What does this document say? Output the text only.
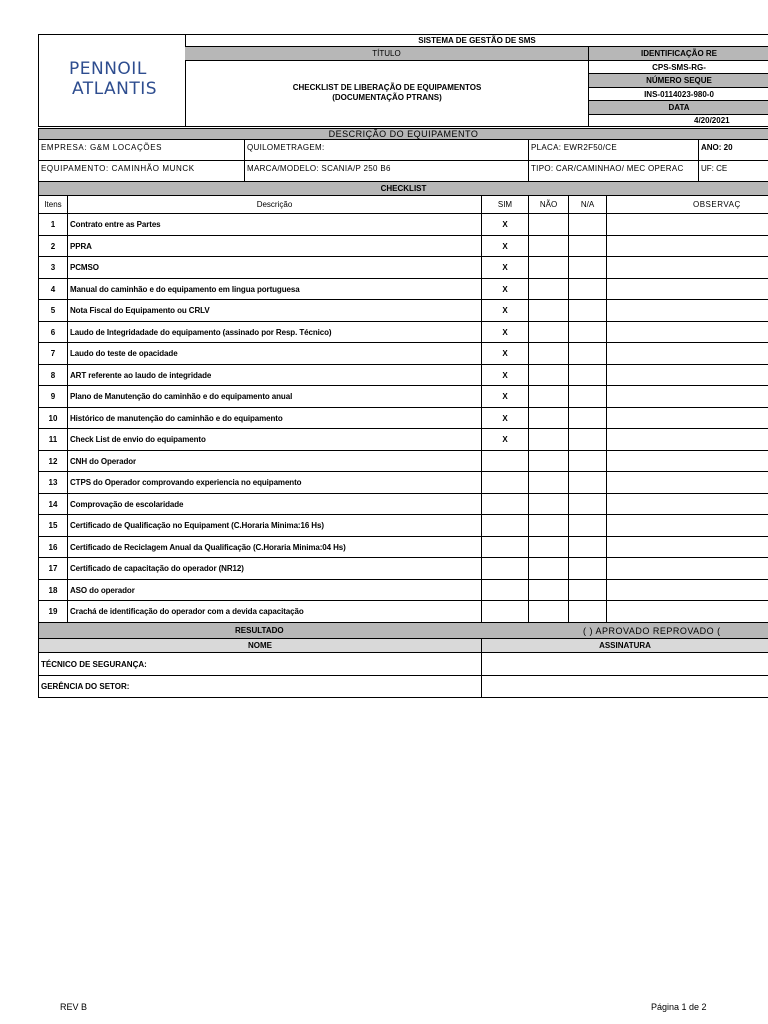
PENNOIL
ATLANTIS
SISTEMA DE GESTÃO DE SMS
TÍTULO
CHECKLIST DE LIBERAÇÃO DE EQUIPAMENTOS
(DOCUMENTAÇÃO PTRANS)
IDENTIFICAÇÃO RE
CPS-SMS-RG-
NÚMERO SEQUE
INS-0114023-980-0
DATA
4/20/2021
DESCRIÇÃO DO EQUIPAMENTO
EMPRESA: G&M LOCAÇÕES	QUILOMETRAGEM:	PLACA: EWR2F50/CE	ANO: 20
EQUIPAMENTO: CAMINHÃO MUNCK	MARCA/MODELO: SCANIA/P 250 B6	TIPO: CAR/CAMINHAO/ MEC OPERAC	UF: CE
CHECKLIST
Itens	Descrição	SIM	NÃO	N/A	OBSERVAÇ
1	Contrato entre as Partes	X
2	PPRA	X
3	PCMSO	X
4	Manual do caminhão e do equipamento em lingua portuguesa	X
5	Nota Fiscal do Equipamento ou CRLV	X
6	Laudo de Integridadade do equipamento (assinado por Resp. Técnico)	X
7	Laudo do teste de opacidade	X
8	ART referente ao laudo de integridade	X
9	Plano de Manutenção do caminhão e do equipamento anual	X
10	Histórico de manutenção do caminhão e do equipamento	X
11	Check List de envio do equipamento	X
12	CNH do Operador
13	CTPS do Operador comprovando experiencia no equipamento
14	Comprovação de escolaridade
15	Certificado de Qualificação no Equipament (C.Horaria Minima:16 Hs)
16	Certificado de Reciclagem Anual da Qualificação (C.Horaria Minima:04 Hs)
17	Certificado de capacitação do operador (NR12)
18	ASO do operador
19	Crachá de identificação do operador com a devida capacitação
RESULTADO	( ) APROVADO REPROVADO (
NOME	ASSINATURA
TÉCNICO DE SEGURANÇA:
GERÊNCIA DO SETOR:
REV B	Página 1 de 2
